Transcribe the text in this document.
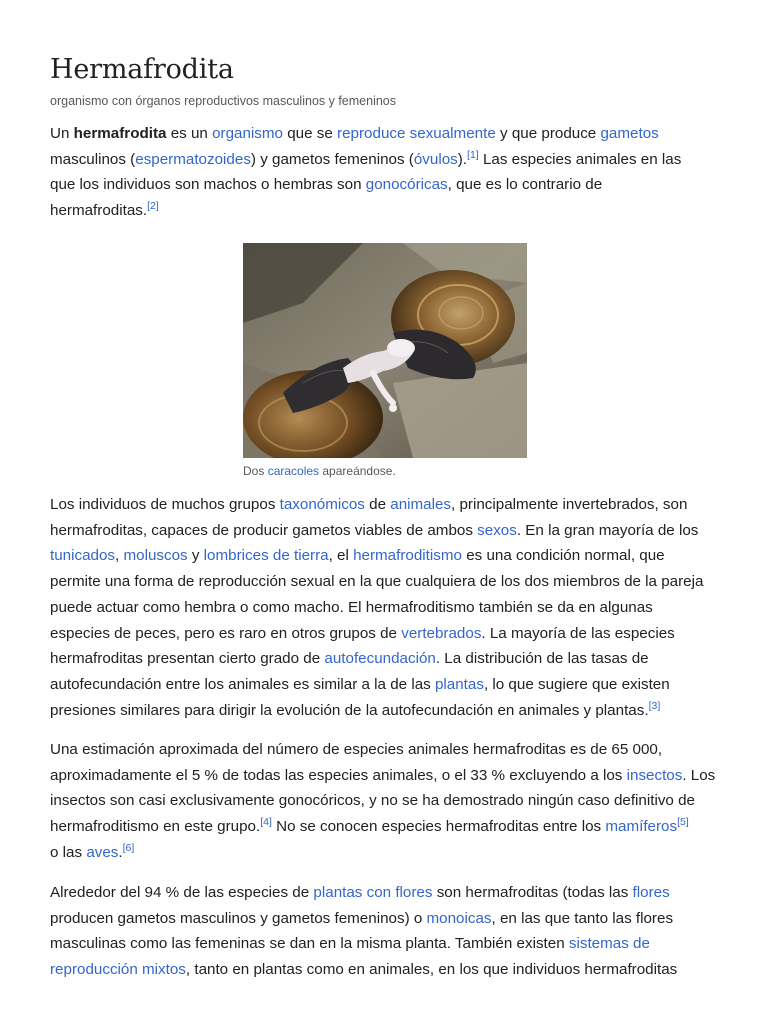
Hermafrodita
organismo con órganos reproductivos masculinos y femeninos
Un hermafrodita es un organismo que se reproduce sexualmente y que produce gametos
masculinos (espermatozoides) y gametos femeninos (óvulos).[1] Las especies animales en las
que los individuos son machos o hembras son gonocóricas, que es lo contrario de
hermafroditas.[2]
Dos caracoles apareándose.
Los individuos de muchos grupos taxonómicos de animales, principalmente invertebrados, son
hermafroditas, capaces de producir gametos viables de ambos sexos. En la gran mayoría de los
tunicados, moluscos y lombrices de tierra, el hermafroditismo es una condición normal, que
permite una forma de reproducción sexual en la que cualquiera de los dos miembros de la pareja
puede actuar como hembra o como macho. El hermafroditismo también se da en algunas
especies de peces, pero es raro en otros grupos de vertebrados. La mayoría de las especies
hermafroditas presentan cierto grado de autofecundación. La distribución de las tasas de
autofecundación entre los animales es similar a la de las plantas, lo que sugiere que existen
presiones similares para dirigir la evolución de la autofecundación en animales y plantas.[3]
Una estimación aproximada del número de especies animales hermafroditas es de 65 000,
aproximadamente el 5 % de todas las especies animales, o el 33 % excluyendo a los insectos. Los
insectos son casi exclusivamente gonocóricos, y no se ha demostrado ningún caso definitivo de
hermafroditismo en este grupo.[4] No se conocen especies hermafroditas entre los mamíferos[5]
o las aves.[6]
Alrededor del 94 % de las especies de plantas con flores son hermafroditas (todas las flores
producen gametos masculinos y gametos femeninos) o monoicas, en las que tanto las flores
masculinas como las femeninas se dan en la misma planta. También existen sistemas de
reproducción mixtos, tanto en plantas como en animales, en los que individuos hermafroditas
